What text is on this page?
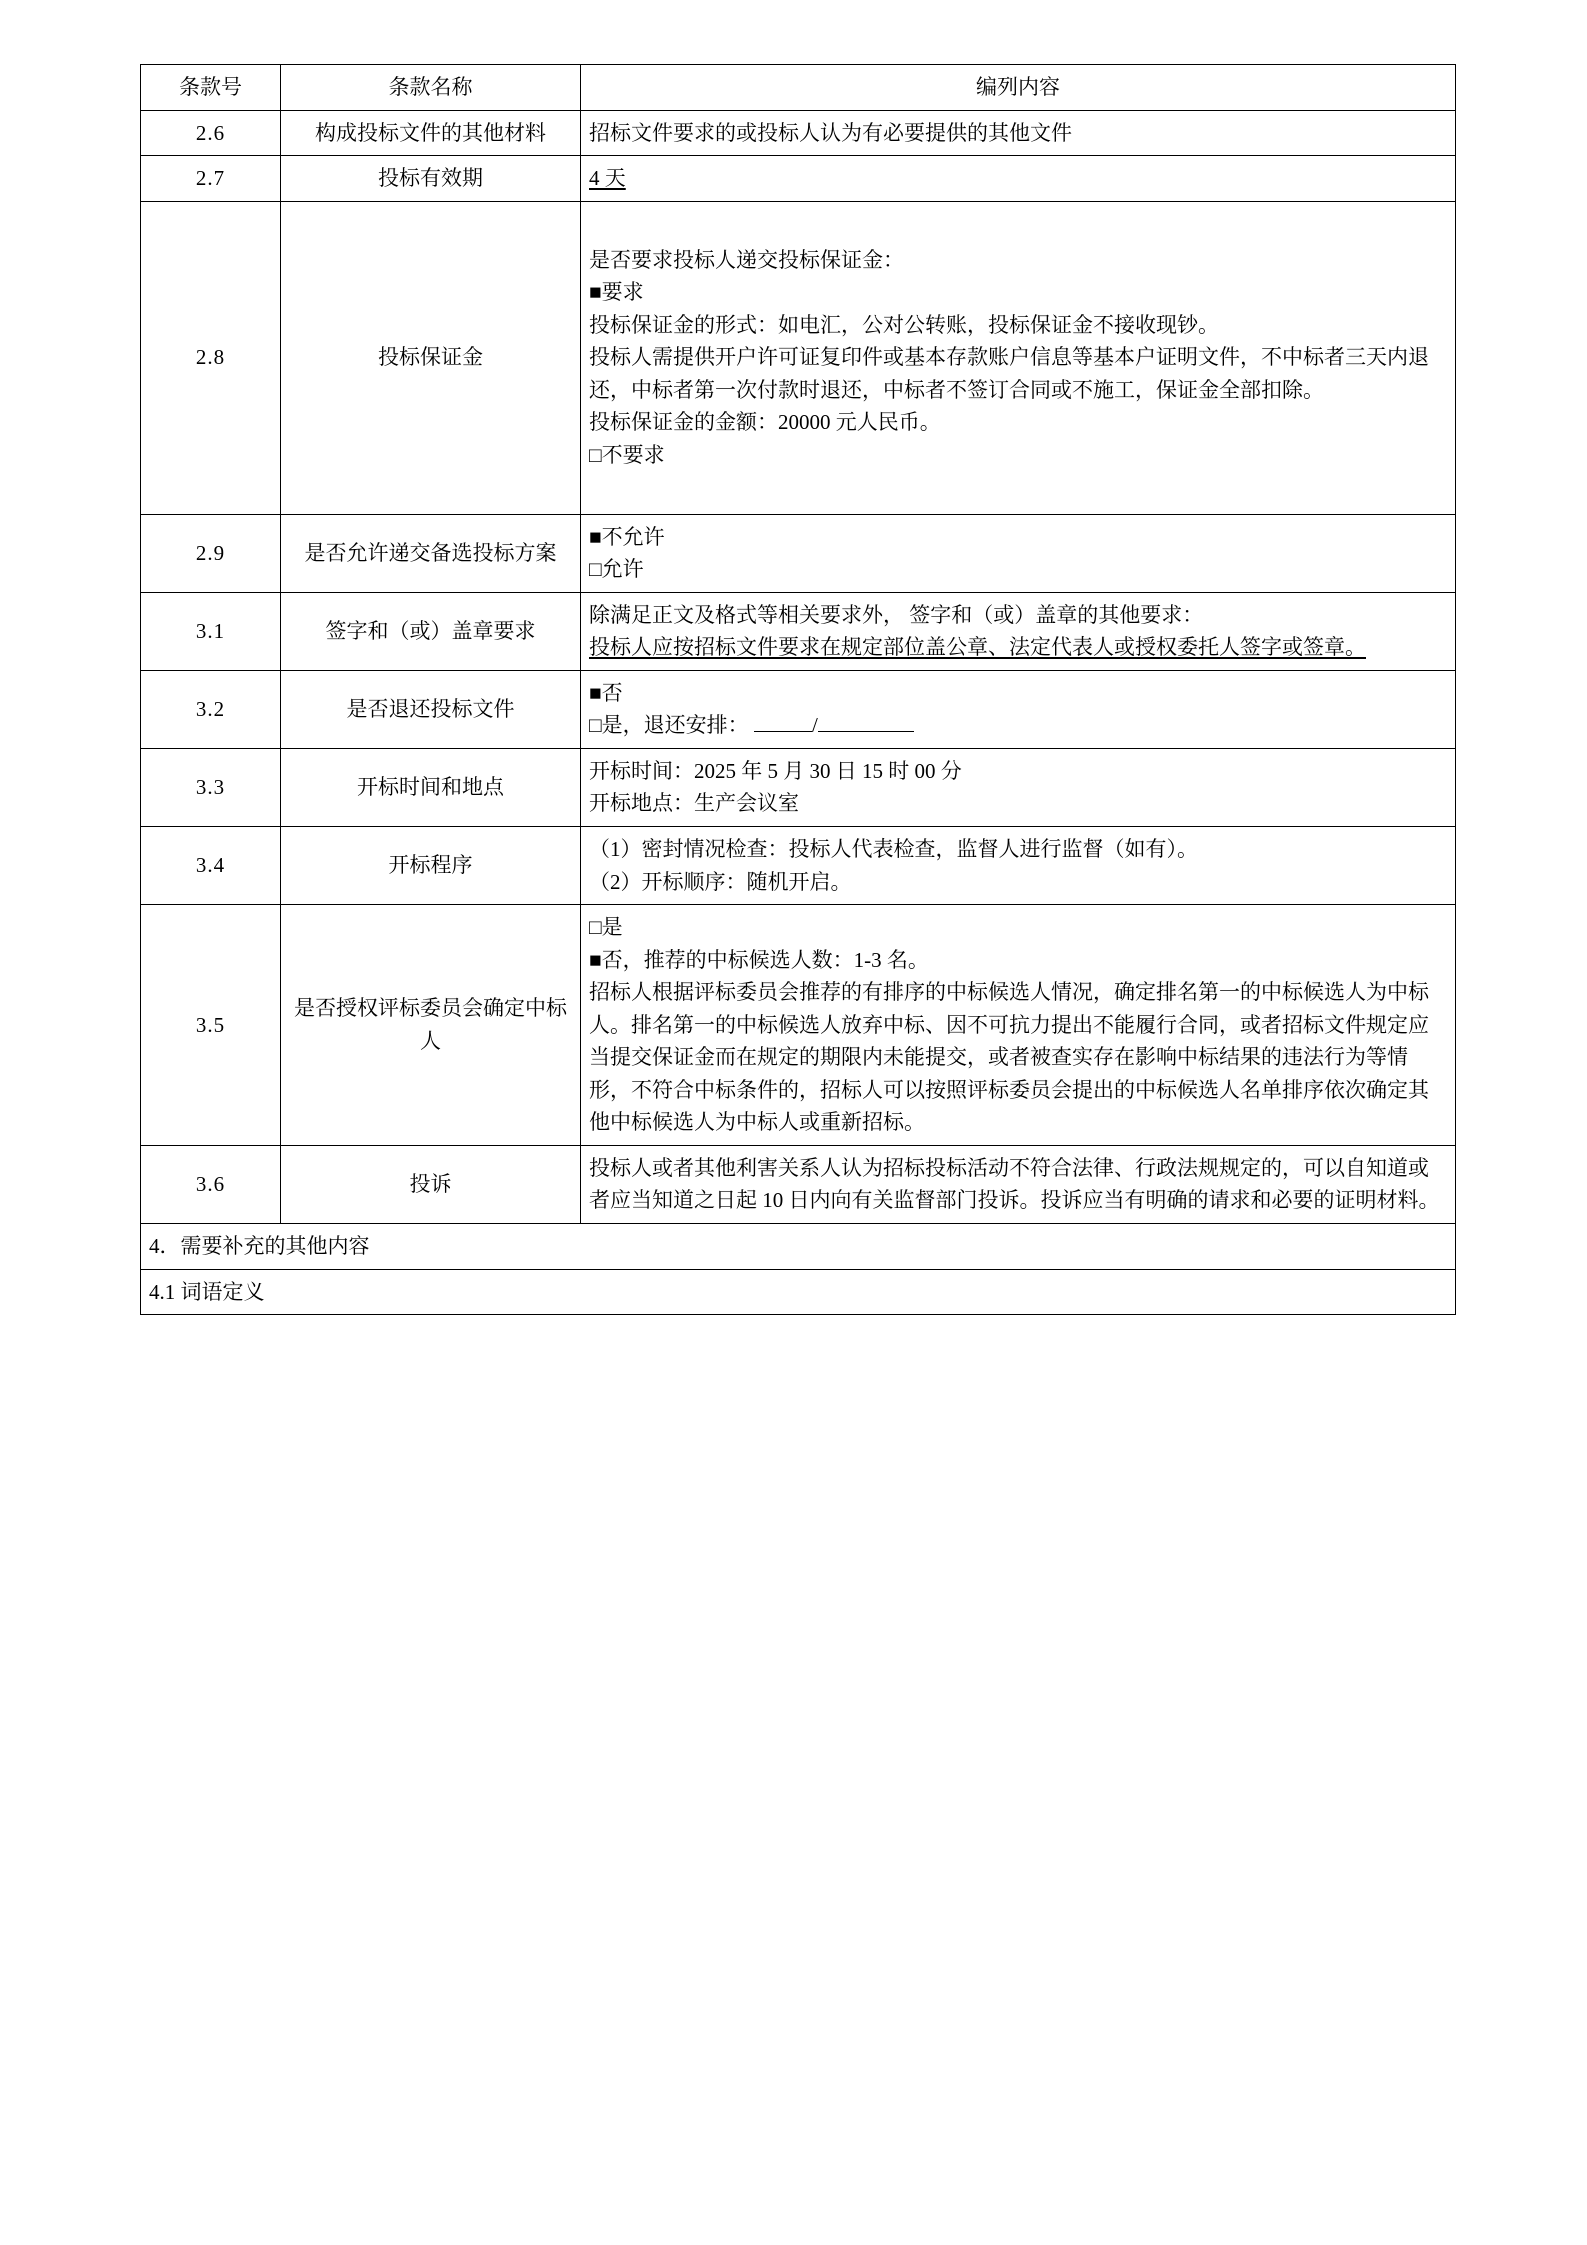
条款号	条款名称	编列内容
2.6	构成投标文件的其他材料	招标文件要求的或投标人认为有必要提供的其他文件

2.7	投标有效期	4 天

2.8	投标保证金	

是否要求投标人递交投标保证金：

■要求

投标保证金的形式：如电汇，公对公转账，投标保证金不接收现钞。

投标人需提供开户许可证复印件或基本存款账户信息等基本户证明文件，不中标者三天内退还，中标者第一次付款时退还，中标者不签订合同或不施工，保证金全部扣除。

投标保证金的金额：20000 元人民币。

□不要求

2.9	是否允许递交备选投标方案	■不允许

□允许

3.1	签字和（或）盖章要求	除满足正文及格式等相关要求外， 签字和（或）盖章的其他要求：

投标人应按招标文件要求在规定部位盖公章、法定代表人或授权委托人签字或签章。

3.2	是否退还投标文件	■否

□是，退还安排： /

3.3	开标时间和地点	开标时间：2025 年 5 月 30 日 15 时 00 分

开标地点：生产会议室

3.4	开标程序	（1）密封情况检查：投标人代表检查，监督人进行监督（如有）。

（2）开标顺序：随机开启。

3.5	是否授权评标委员会确定中标人	□是

■否，推荐的中标候选人数：1-3 名。

招标人根据评标委员会推荐的有排序的中标候选人情况，确定排名第一的中标候选人为中标人。排名第一的中标候选人放弃中标、因不可抗力提出不能履行合同，或者招标文件规定应当提交保证金而在规定的期限内未能提交，或者被查实存在影响中标结果的违法行为等情形，不符合中标条件的，招标人可以按照评标委员会提出的中标候选人名单排序依次确定其他中标候选人为中标人或重新招标。

3.6	投诉	投标人或者其他利害关系人认为招标投标活动不符合法律、行政法规规定的，可以自知道或者应当知道之日起 10 日内向有关监督部门投诉。投诉应当有明确的请求和必要的证明材料。

4．需要补充的其他内容		
4.1 词语定义		
